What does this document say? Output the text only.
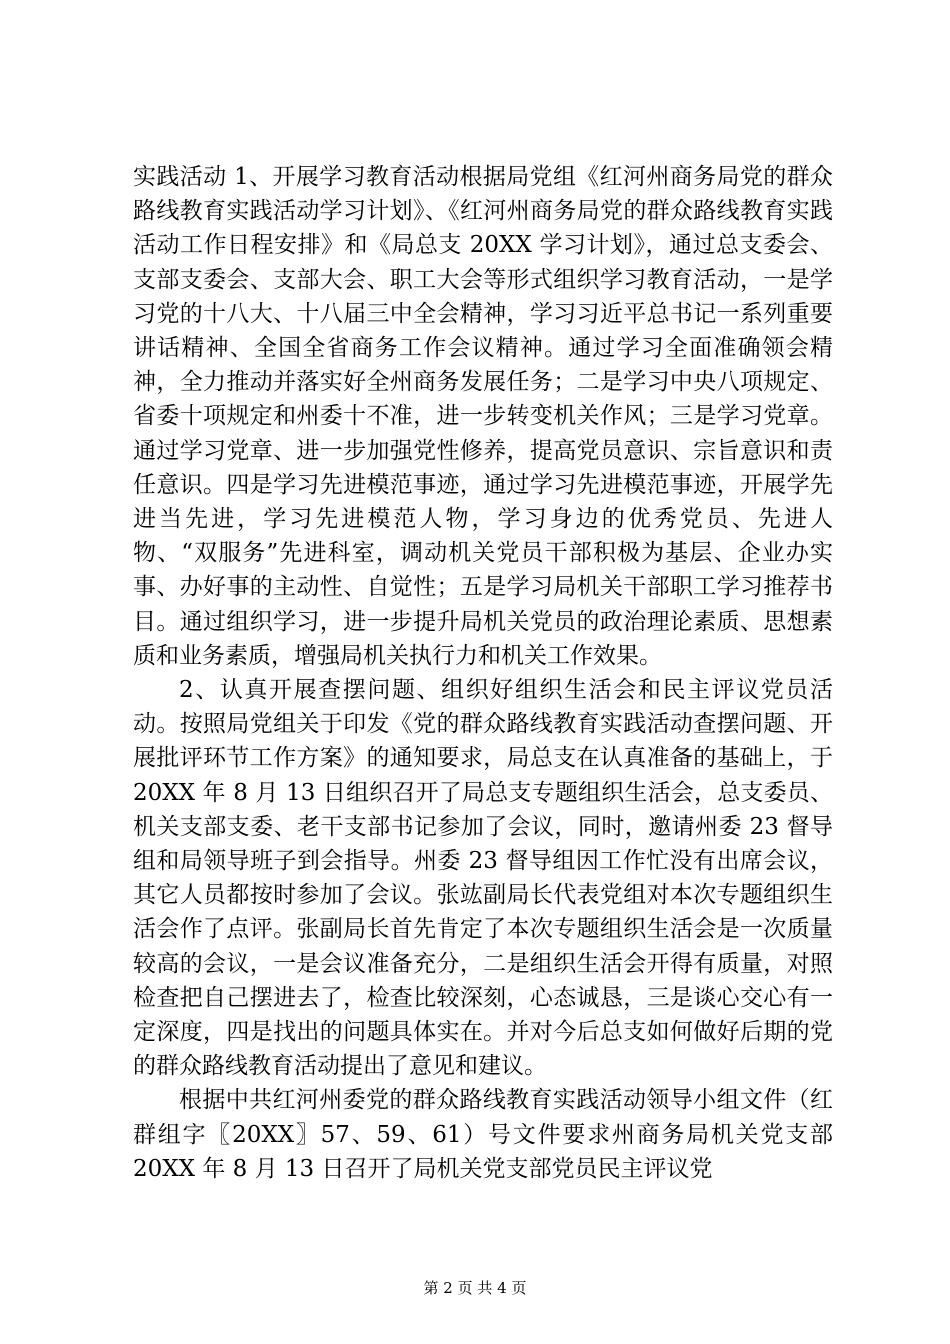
实践活动 1、开展学习教育活动根据局党组《红河州商务局党的群众路线教育实践活动学习计划》、《红河州商务局党的群众路线教育实践活动工作日程安排》和《局总支 20XX 学习计划》，通过总支委会、支部支委会、支部大会、职工大会等形式组织学习教育活动，一是学习党的十八大、十八届三中全会精神，学习习近平总书记一系列重要讲话精神、全国全省商务工作会议精神。通过学习全面准确领会精神，全力推动并落实好全州商务发展任务；二是学习中央八项规定、省委十项规定和州委十不准，进一步转变机关作风；三是学习党章。通过学习党章、进一步加强党性修养，提高党员意识、宗旨意识和责任意识。四是学习先进模范事迹，通过学习先进模范事迹，开展学先进当先进，学习先进模范人物，学习身边的优秀党员、先进人物、“双服务”先进科室，调动机关党员干部积极为基层、企业办实事、办好事的主动性、自觉性；五是学习局机关干部职工学习推荐书目。通过组织学习，进一步提升局机关党员的政治理论素质、思想素质和业务素质，增强局机关执行力和机关工作效果。

2、认真开展查摆问题、组织好组织生活会和民主评议党员活动。按照局党组关于印发《党的群众路线教育实践活动查摆问题、开展批评环节工作方案》的通知要求，局总支在认真准备的基础上，于 20XX 年 8 月 13 日组织召开了局总支专题组织生活会，总支委员、机关支部支委、老干支部书记参加了会议，同时，邀请州委 23 督导组和局领导班子到会指导。州委 23 督导组因工作忙没有出席会议，其它人员都按时参加了会议。张竑副局长代表党组对本次专题组织生活会作了点评。张副局长首先肯定了本次专题组织生活会是一次质量较高的会议，一是会议准备充分，二是组织生活会开得有质量，对照检查把自己摆进去了，检查比较深刻，心态诚恳，三是谈心交心有一定深度，四是找出的问题具体实在。并对今后总支如何做好后期的党的群众路线教育活动提出了意见和建议。

根据中共红河州委党的群众路线教育实践活动领导小组文件（红群组字〖20XX〗57、59、61）号文件要求州商务局机关党支部 20XX 年 8 月 13 日召开了局机关党支部党员民主评议党

第 2 页 共 4 页
